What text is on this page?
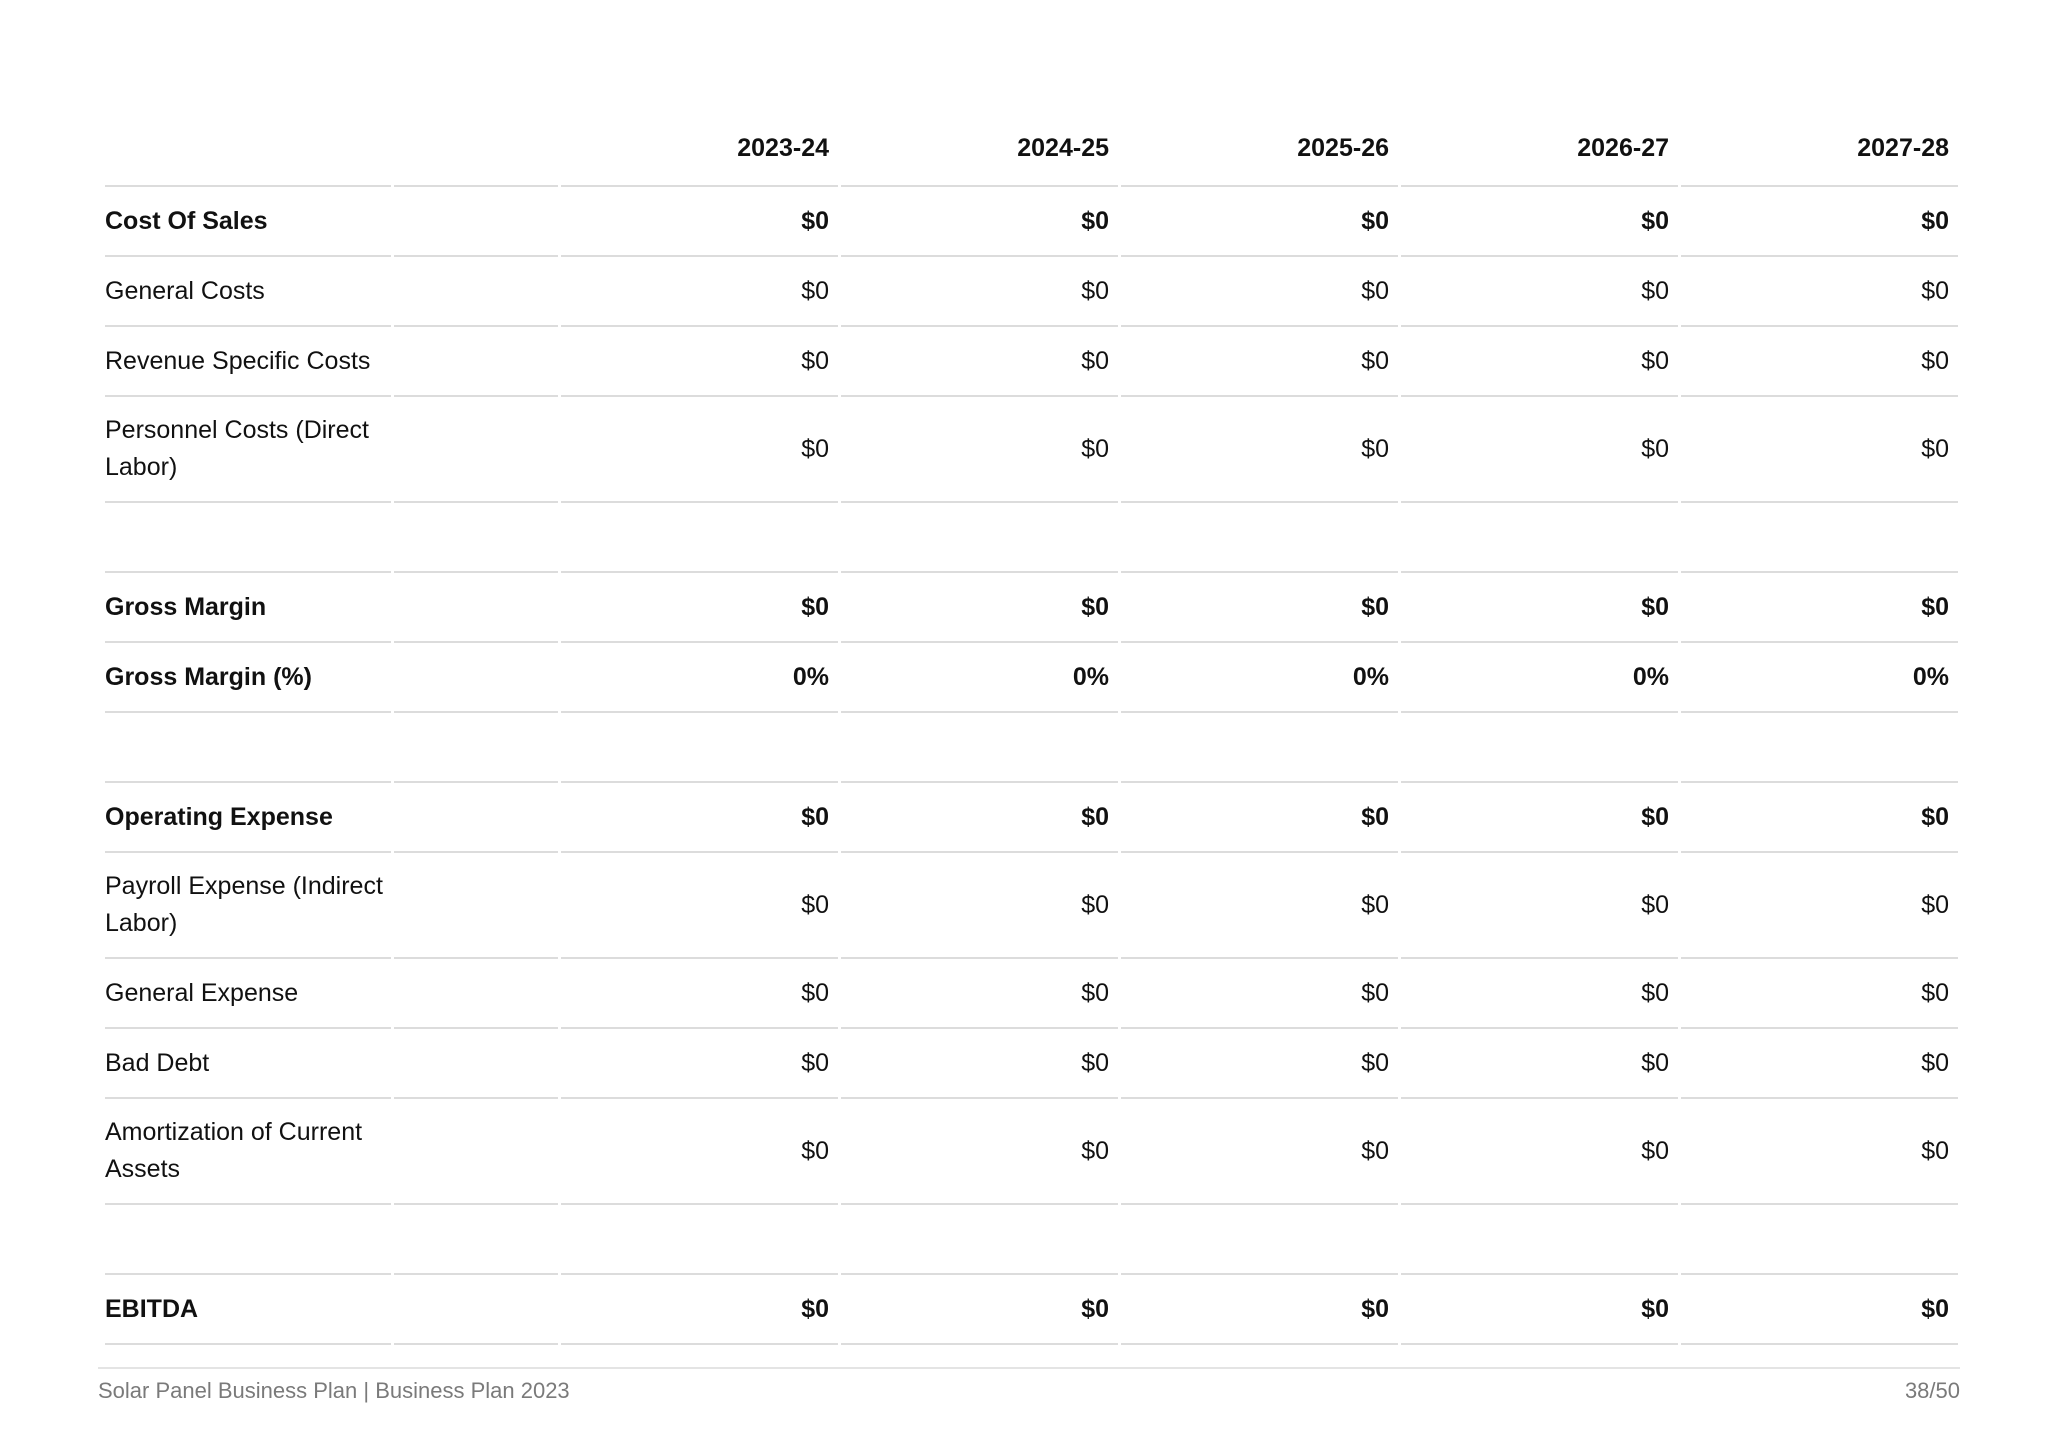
		2023-24	2024-25	2025-26	2026-27	2027-28
Cost Of Sales		$0	$0	$0	$0	$0
General Costs		$0	$0	$0	$0	$0
Revenue Specific Costs		$0	$0	$0	$0	$0
Personnel Costs (Direct Labor)		$0	$0	$0	$0	$0

Gross Margin		$0	$0	$0	$0	$0
Gross Margin (%)		0%	0%	0%	0%	0%

Operating Expense		$0	$0	$0	$0	$0
Payroll Expense (Indirect Labor)		$0	$0	$0	$0	$0
General Expense		$0	$0	$0	$0	$0
Bad Debt		$0	$0	$0	$0	$0
Amortization of Current Assets		$0	$0	$0	$0	$0

EBITDA		$0	$0	$0	$0	$0
Solar Panel Business Plan | Business Plan 2023	38/50
